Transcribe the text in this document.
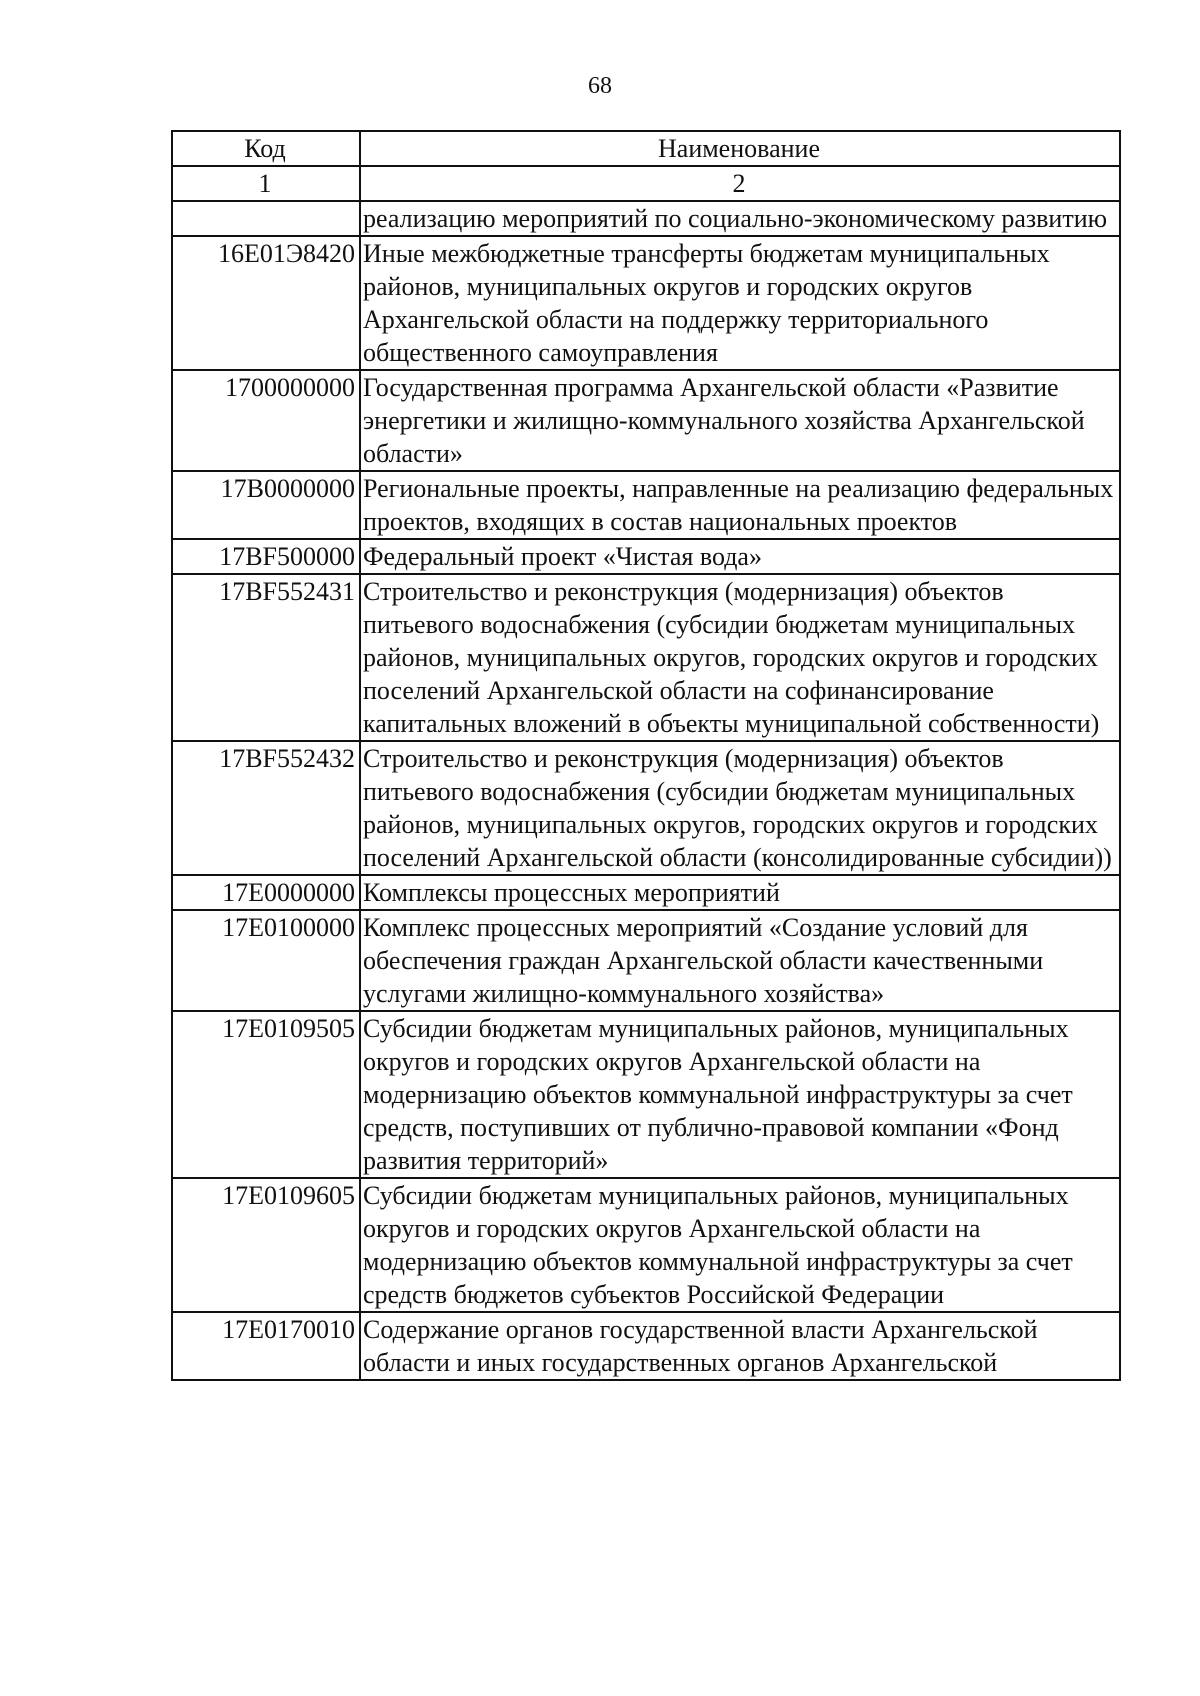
68
Код	Наименование
1	2
	реализацию мероприятий по социально-экономическому развитию
16E01Э8420	Иные межбюджетные трансферты бюджетам муниципальных районов, муниципальных округов и городских округов Архангельской области на поддержку территориального общественного самоуправления
1700000000	Государственная программа Архангельской области «Развитие энергетики и жилищно-коммунального хозяйства Архангельской области»
17B0000000	Региональные проекты, направленные на реализацию федеральных проектов, входящих в состав национальных проектов
17BF500000	Федеральный проект «Чистая вода»
17BF552431	Строительство и реконструкция (модернизация) объектов питьевого водоснабжения (субсидии бюджетам муниципальных районов, муниципальных округов, городских округов и городских поселений Архангельской области на софинансирование капитальных вложений в объекты муниципальной собственности)
17BF552432	Строительство и реконструкция (модернизация) объектов питьевого водоснабжения (субсидии бюджетам муниципальных районов, муниципальных округов, городских округов и городских поселений Архангельской области (консолидированные субсидии))
17E0000000	Комплексы процессных мероприятий
17E0100000	Комплекс процессных мероприятий «Создание условий для обеспечения граждан Архангельской области качественными услугами жилищно-коммунального хозяйства»
17E0109505	Субсидии бюджетам муниципальных районов, муниципальных округов и городских округов Архангельской области на модернизацию объектов коммунальной инфраструктуры за счет средств, поступивших от публично-правовой компании «Фонд развития территорий»
17E0109605	Субсидии бюджетам муниципальных районов, муниципальных округов и городских округов Архангельской области на модернизацию объектов коммунальной инфраструктуры за счет средств бюджетов субъектов Российской Федерации
17E0170010	Содержание органов государственной власти Архангельской области и иных государственных органов Архангельской
